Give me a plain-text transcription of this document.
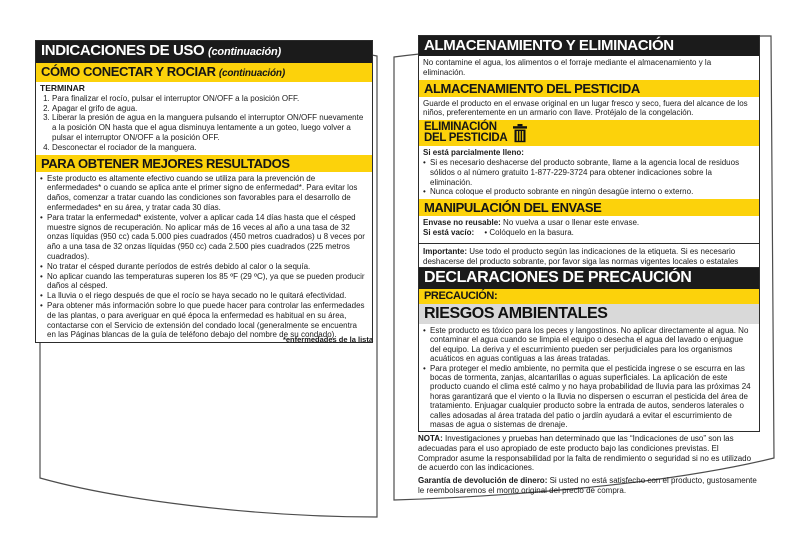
INDICACIONES DE USO (continuación)
CÓMO CONECTAR Y ROCIAR (continuación)
TERMINAR
1. Para finalizar el rocío, pulsar el interruptor ON/OFF a la posición OFF.
2. Apagar el grifo de agua.
3. Liberar la presión de agua en la manguera pulsando el interruptor ON/OFF nuevamente a la posición ON hasta que el agua disminuya lentamente a un goteo, luego volver a pulsar el interruptor ON/OFF a la posición OFF.
4. Desconectar el rociador de la manguera.
PARA OBTENER MEJORES RESULTADOS
• Este producto es altamente efectivo cuando se utiliza para la prevención de enfermedades* o cuando se aplica ante el primer signo de enfermedad*. Para evitar los daños, comenzar a tratar cuando las condiciones son favorables para el desarrollo de enfermedades* en su área, y tratar cada 30 días.
• Para tratar la enfermedad* existente, volver a aplicar cada 14 días hasta que el césped muestre signos de recuperación. No aplicar más de 16 veces al año a una tasa de 32 onzas líquidas (950 cc) cada 5.000 pies cuadrados (450 metros cuadrados) u 8 veces por año a una tasa de 32 onzas líquidas (950 cc) cada 2.500 pies cuadrados (225 metros cuadrados).
• No tratar el césped durante períodos de estrés debido al calor o la sequía.
• No aplicar cuando las temperaturas superen los 85 ºF (29 ºC), ya que se pueden producir daños al césped.
• La lluvia o el riego después de que el rocío se haya secado no le quitará efectividad.
• Para obtener más información sobre lo que puede hacer para controlar las enfermedades de las plantas, o para averiguar en qué época la enfermedad es habitual en su área, contactarse con el Servicio de extensión del condado local (generalmente se encuentra en las Páginas blancas de la guía de teléfono debajo del nombre de su condado).
*enfermedades de la lista
ALMACENAMIENTO Y ELIMINACIÓN
No contamine el agua, los alimentos o el forraje mediante el almacenamiento y la eliminación.
ALMACENAMIENTO DEL PESTICIDA
Guarde el producto en el envase original en un lugar fresco y seco, fuera del alcance de los niños, preferentemente en un armario con llave. Protéjalo de la congelación.
ELIMINACIÓN
DEL PESTICIDA
Si está parcialmente lleno:
• Si es necesario deshacerse del producto sobrante, llame a la agencia local de residuos sólidos o al número gratuito 1-877-229-3724 para obtener indicaciones sobre la eliminación.
• Nunca coloque el producto sobrante en ningún desagüe interno o externo.
MANIPULACIÓN DEL ENVASE
Envase no reusable: No vuelva a usar o llenar este envase.
Si está vacío: • Colóquelo en la basura.
Importante: Use todo el producto según las indicaciones de la etiqueta. Si es necesario deshacerse del producto sobrante, por favor siga las normas vigentes locales o estatales
DECLARACIONES DE PRECAUCIÓN
PRECAUCIÓN:
RIESGOS AMBIENTALES
• Este producto es tóxico para los peces y langostinos. No aplicar directamente al agua. No contaminar el agua cuando se limpia el equipo o desecha el agua del lavado o enjuague del equipo. La deriva y el escurrimiento pueden ser perjudiciales para los organismos acuáticos en aguas contiguas a las áreas tratadas.
• Para proteger el medio ambiente, no permita que el pesticida ingrese o se escurra en las bocas de tormenta, zanjas, alcantarillas o aguas superficiales. La aplicación de este producto cuando el clima esté calmo y no haya probabilidad de lluvia para las próximas 24 horas garantizará que el viento o la lluvia no dispersen o escurran el pesticida del área de tratamiento. Enjuagar cualquier producto sobre la entrada de autos, senderos laterales o calles adosadas al área tratada del patio o jardín ayudará a evitar el escurrimiento de masas de agua o sistemas de drenaje.

NOTA: Investigaciones y pruebas han determinado que las “Indicaciones de uso” son las adecuadas para el uso apropiado de este producto bajo las condiciones previstas. El Comprador asume la responsabilidad por la falta de rendimiento o seguridad si no es utilizado de acuerdo con las indicaciones.

Garantía de devolución de dinero: Si usted no está satisfecho con el producto, gustosamente le reembolsaremos el monto original del precio de compra.
